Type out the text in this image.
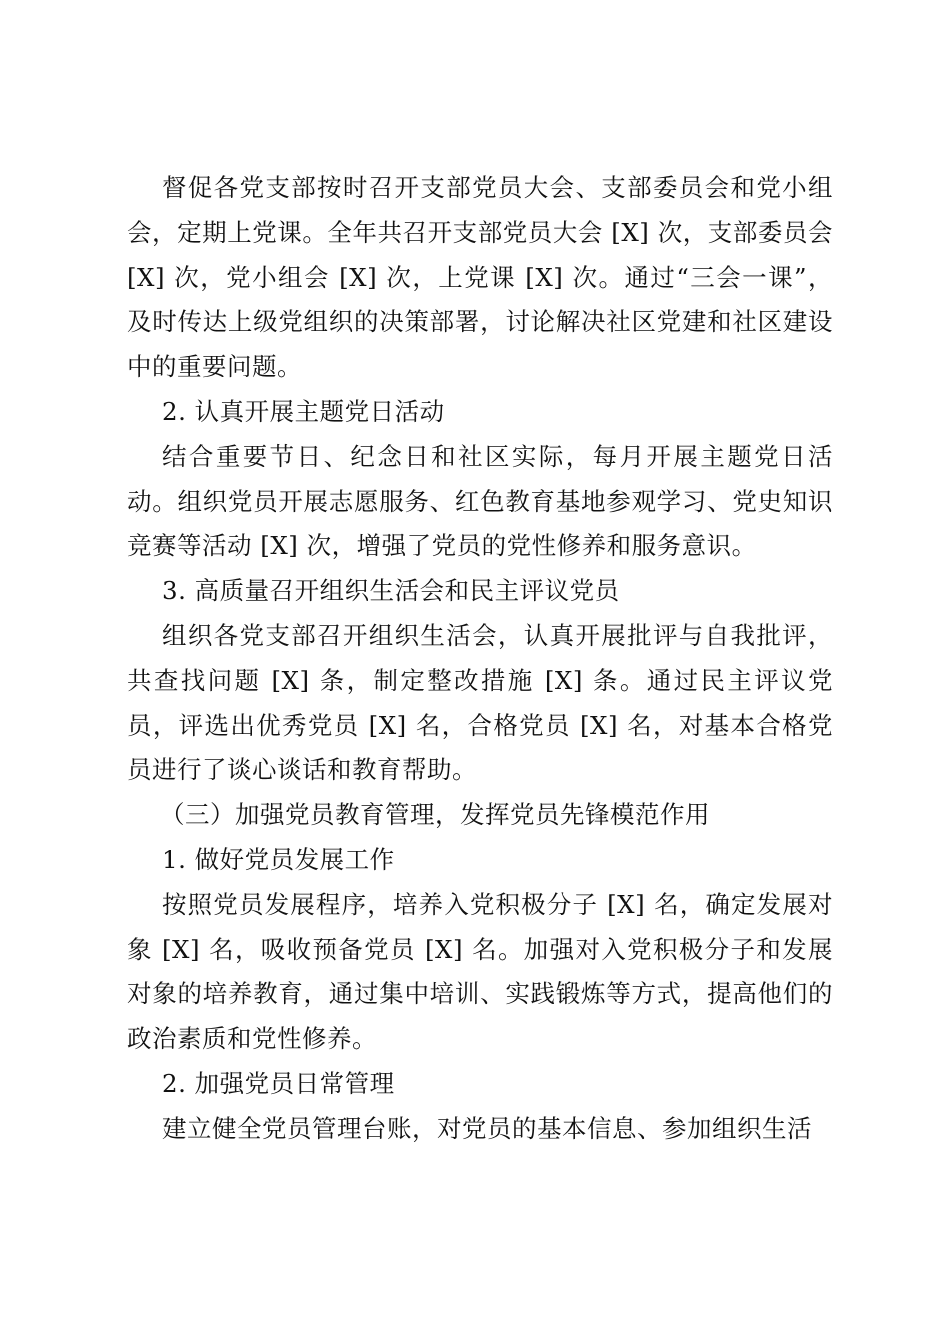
督促各党支部按时召开支部党员大会、支部委员会和党小组会，定期上党课。全年共召开支部党员大会 [X] 次，支部委员会 [X] 次，党小组会 [X] 次，上党课 [X] 次。通过“三会一课”，及时传达上级党组织的决策部署，讨论解决社区党建和社区建设中的重要问题。

2. 认真开展主题党日活动

结合重要节日、纪念日和社区实际，每月开展主题党日活动。组织党员开展志愿服务、红色教育基地参观学习、党史知识竞赛等活动 [X] 次，增强了党员的党性修养和服务意识。

3. 高质量召开组织生活会和民主评议党员

组织各党支部召开组织生活会，认真开展批评与自我批评，共查找问题 [X] 条，制定整改措施 [X] 条。通过民主评议党员，评选出优秀党员 [X] 名，合格党员 [X] 名，对基本合格党员进行了谈心谈话和教育帮助。

（三）加强党员教育管理，发挥党员先锋模范作用

1. 做好党员发展工作

按照党员发展程序，培养入党积极分子 [X] 名，确定发展对象 [X] 名，吸收预备党员 [X] 名。加强对入党积极分子和发展对象的培养教育，通过集中培训、实践锻炼等方式，提高他们的政治素质和党性修养。

2. 加强党员日常管理

建立健全党员管理台账，对党员的基本信息、参加组织生活
